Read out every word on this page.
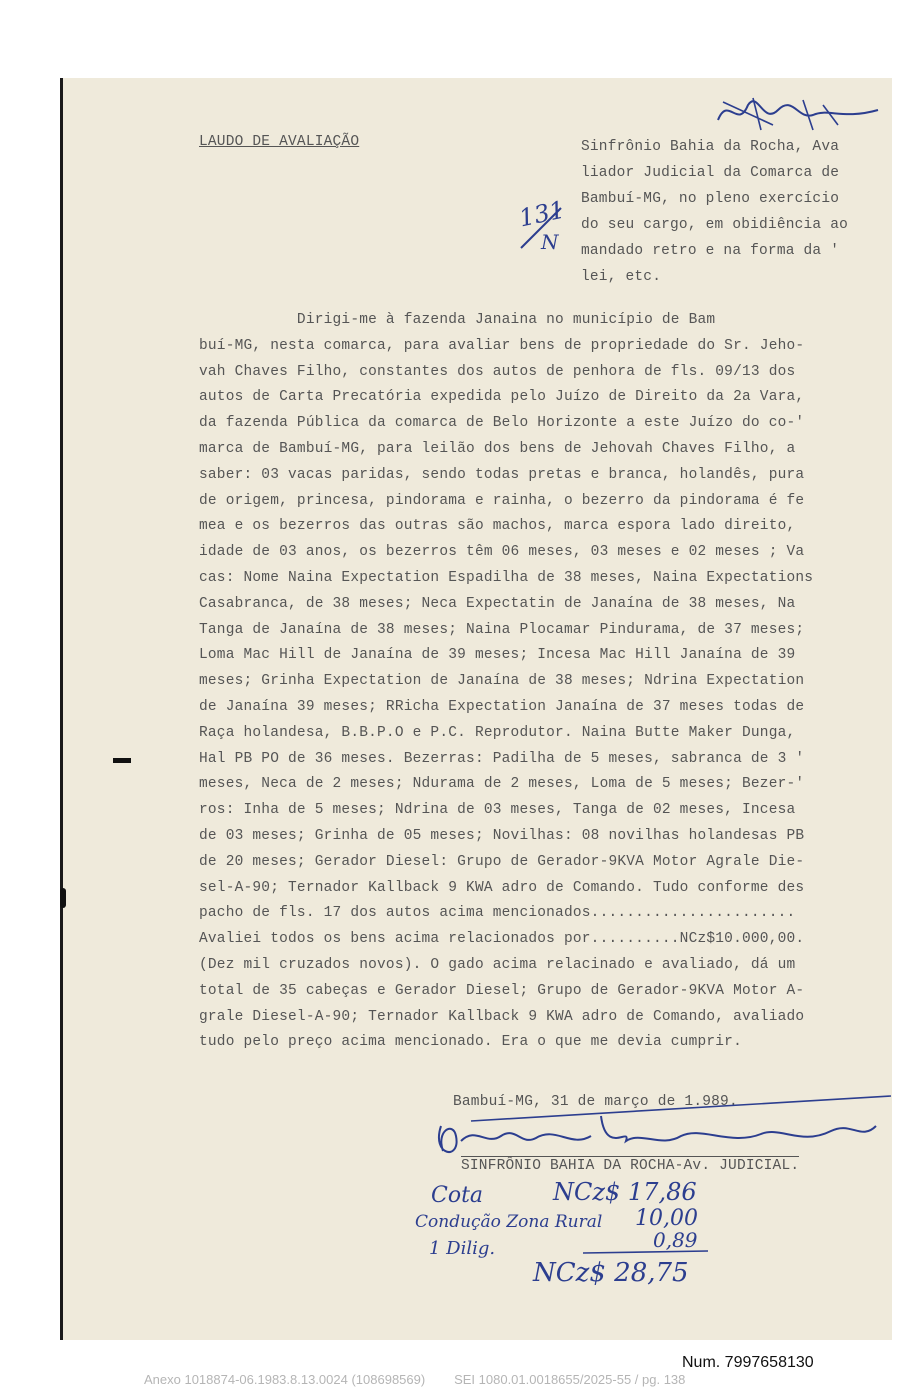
LAUDO DE AVALIAÇÃO	Sinfrônio Bahia da Rocha, Ava
liador Judicial da Comarca de
Bambuí-MG, no pleno exercício
do seu cargo, em obidiência ao
mandado retro e na forma da '
lei, etc.
131
N
Dirigi-me à fazenda Janaina no município de Bam
buí-MG, nesta comarca, para avaliar bens de propriedade do Sr. Jeho-
vah Chaves Filho, constantes dos autos de penhora de fls. 09/13 dos
autos de Carta Precatória expedida pelo Juízo de Direito da 2a Vara,
da fazenda Pública da comarca de Belo Horizonte a este Juízo do co-'
marca de Bambuí-MG, para leilão dos bens de Jehovah Chaves Filho, a
saber: 03 vacas paridas, sendo todas pretas e branca, holandês, pura
de origem, princesa, pindorama e rainha, o bezerro da pindorama é fe
mea e os bezerros das outras são machos, marca espora lado direito,
idade de 03 anos, os bezerros têm 06 meses, 03 meses e 02 meses ; Va
cas: Nome Naina Expectation Espadilha de 38 meses, Naina Expectations
Casabranca, de 38 meses; Neca Expectatin de Janaína de 38 meses, Na
Tanga de Janaína de 38 meses; Naina Plocamar Pindurama, de 37 meses;
Loma Mac Hill de Janaína de 39 meses; Incesa Mac Hill Janaína de 39
meses; Grinha Expectation de Janaína de 38 meses; Ndrina Expectation
de Janaína 39 meses; RRicha Expectation Janaína de 37 meses todas de
Raça holandesa, B.B.P.O e P.C. Reprodutor. Naina Butte Maker Dunga,
Hal PB PO de 36 meses. Bezerras: Padilha de 5 meses, sabranca de 3 '
meses, Neca de 2 meses; Ndurama de 2 meses, Loma de 5 meses; Bezer-'
ros: Inha de 5 meses; Ndrina de 03 meses, Tanga de 02 meses, Incesa
de 03 meses; Grinha de 05 meses; Novilhas: 08 novilhas holandesas PB
de 20 meses; Gerador Diesel: Grupo de Gerador-9KVA Motor Agrale Die-
sel-A-90; Ternador Kallback 9 KWA adro de Comando. Tudo conforme des
pacho de fls. 17 dos autos acima mencionados.......................
Avaliei todos os bens acima relacionados por..........NCz$10.000,00.
(Dez mil cruzados novos). O gado acima relacinado e avaliado, dá um
total de 35 cabeças e Gerador Diesel; Grupo de Gerador-9KVA Motor A-
grale Diesel-A-90; Ternador Kallback 9 KWA adro de Comando, avaliado
tudo pelo preço acima mencionado. Era o que me devia cumprir.
Bambuí-MG, 31 de março de 1.989.
SINFRÔNIO BAHIA DA ROCHA-Av. JUDICIAL.
Cota	NCz$ 17,86
Condução Zona Rural 10,00
1 Dilig.	0,89
NCz$ 28,75
Num. 7997658130
Anexo 1018874-06.1983.8.13.0024 (108698569)        SEI 1080.01.0018655/2025-55 / pg. 138
